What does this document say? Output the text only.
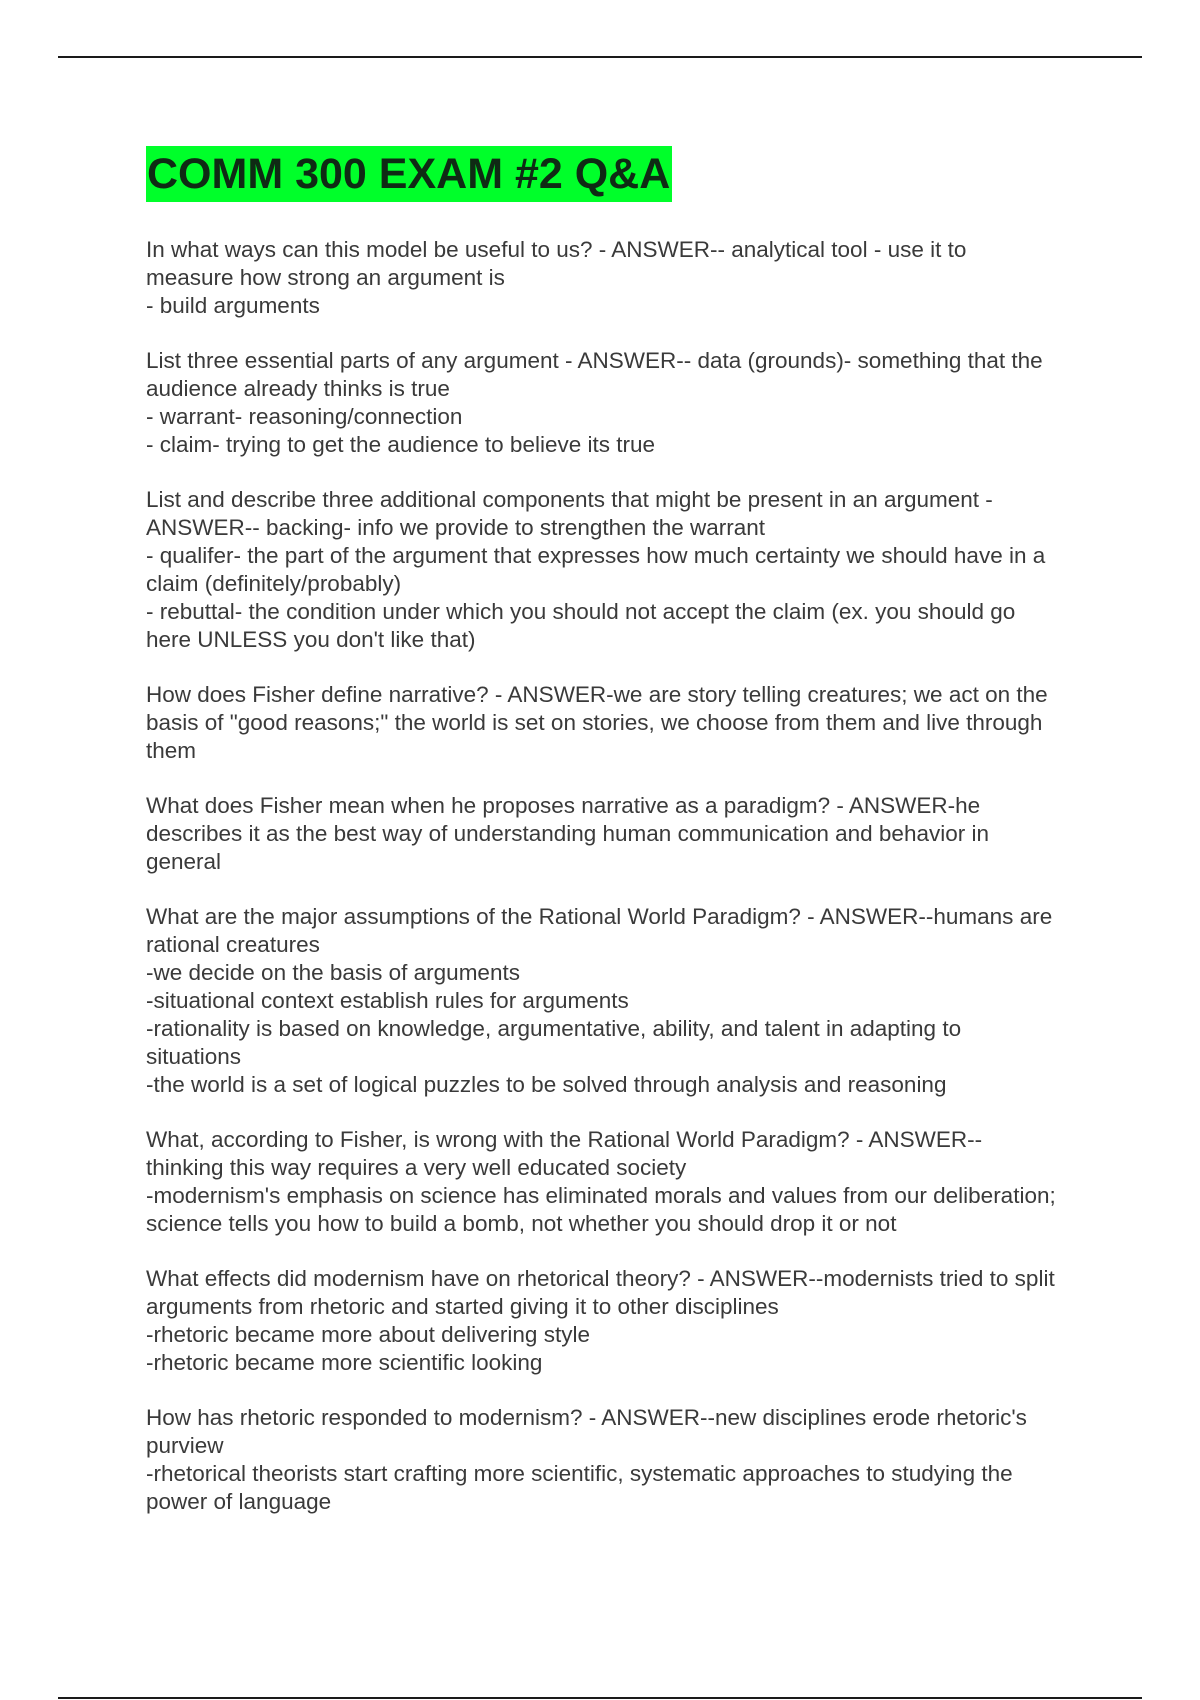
COMM 300 EXAM #2 Q&A
In what ways can this model be useful to us? - ANSWER-- analytical tool - use it to measure how strong an argument is
- build arguments
List three essential parts of any argument - ANSWER-- data (grounds)- something that the audience already thinks is true
- warrant- reasoning/connection
- claim- trying to get the audience to believe its true
List and describe three additional components that might be present in an argument - ANSWER-- backing- info we provide to strengthen the warrant
- qualifer- the part of the argument that expresses how much certainty we should have in a claim (definitely/probably)
- rebuttal- the condition under which you should not accept the claim (ex. you should go here UNLESS you don't like that)
How does Fisher define narrative? - ANSWER-we are story telling creatures; we act on the basis of "good reasons;" the world is set on stories, we choose from them and live through them
What does Fisher mean when he proposes narrative as a paradigm? - ANSWER-he describes it as the best way of understanding human communication and behavior in general
What are the major assumptions of the Rational World Paradigm? - ANSWER--humans are rational creatures
-we decide on the basis of arguments
-situational context establish rules for arguments
-rationality is based on knowledge, argumentative, ability, and talent in adapting to situations
-the world is a set of logical puzzles to be solved through analysis and reasoning
What, according to Fisher, is wrong with the Rational World Paradigm? - ANSWER--thinking this way requires a very well educated society
-modernism's emphasis on science has eliminated morals and values from our deliberation; science tells you how to build a bomb, not whether you should drop it or not
What effects did modernism have on rhetorical theory? - ANSWER--modernists tried to split arguments from rhetoric and started giving it to other disciplines
-rhetoric became more about delivering style
-rhetoric became more scientific looking
How has rhetoric responded to modernism? - ANSWER--new disciplines erode rhetoric's purview
-rhetorical theorists start crafting more scientific, systematic approaches to studying the power of language
